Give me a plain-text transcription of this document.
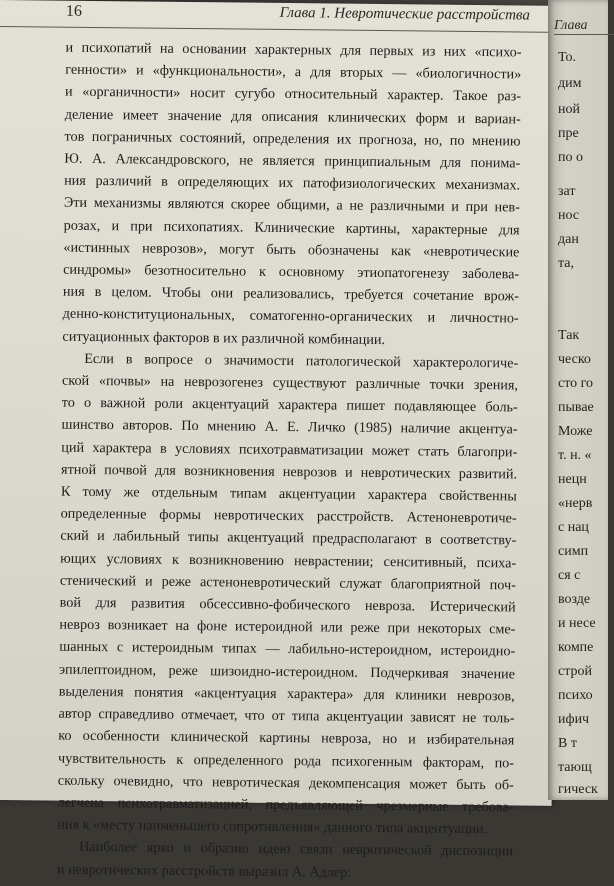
16	Глава 1. Невротические расстройства
и психопатий на основании характерных для первых из них «психо-
генности» и «функциональности», а для вторых — «биологичности»
и «органичности» носит сугубо относительный характер. Такое раз-
деление имеет значение для описания клинических форм и вариан-
тов пограничных состояний, определения их прогноза, но, по мнению
Ю. А. Александровского, не является принципиальным для понима-
ния различий в определяющих их патофизиологических механизмах.
Эти механизмы являются скорее общими, а не различными и при нев-
розах, и при психопатиях. Клинические картины, характерные для
«истинных неврозов», могут быть обозначены как «невротические
синдромы» безотносительно к основному этиопатогенезу заболева-
ния в целом. Чтобы они реализовались, требуется сочетание врож-
денно-конституциональных, соматогенно-органических и личностно-
ситуационных факторов в их различной комбинации.
Если в вопросе о значимости патологической характерологиче-
ской «почвы» на неврозогенез существуют различные точки зрения,
то о важной роли акцентуаций характера пишет подавляющее боль-
шинство авторов. По мнению А. Е. Личко (1985) наличие акцентуа-
ций характера в условиях психотравматизации может стать благопри-
ятной почвой для возникновения неврозов и невротических развитий.
К тому же отдельным типам акцентуации характера свойственны
определенные формы невротических расстройств. Астеноневротиче-
ский и лабильный типы акцентуаций предрасполагают в соответству-
ющих условиях к возникновению неврастении; сенситивный, психа-
стенический и реже астеноневротический служат благоприятной поч-
вой для развития обсессивно-фобического невроза. Истерический
невроз возникает на фоне истероидной или реже при некоторых сме-
шанных с истероидным типах — лабильно-истероидном, истероидно-
эпилептоидном, реже шизоидно-истероидном. Подчеркивая значение
выделения понятия «акцентуация характера» для клиники неврозов,
автор справедливо отмечает, что от типа акцентуации зависят не толь-
ко особенности клинической картины невроза, но и избирательная
чувствительность к определенного рода психогенным факторам, по-
скольку очевидно, что невротическая декомпенсация может быть об-
легчена психотравматизацией, предъявляющей чрезмерные требова-
ния к «месту наименьшего сопротивления» данного типа акцентуации.
Наиболее ярко и образно идею связи невротической диспозиции
и невротических расстройств выразил А. Адлер:
Глава
То.
дим
ной
пре
по о
зат
нос
дан
та,
Так
ческо
сто го
пывае
Може
т. н. «
нецн
«нерв
с нац
симп
ся с
возде
и несе
компе
строй
психо
ифич
В т
тающ
гическ
